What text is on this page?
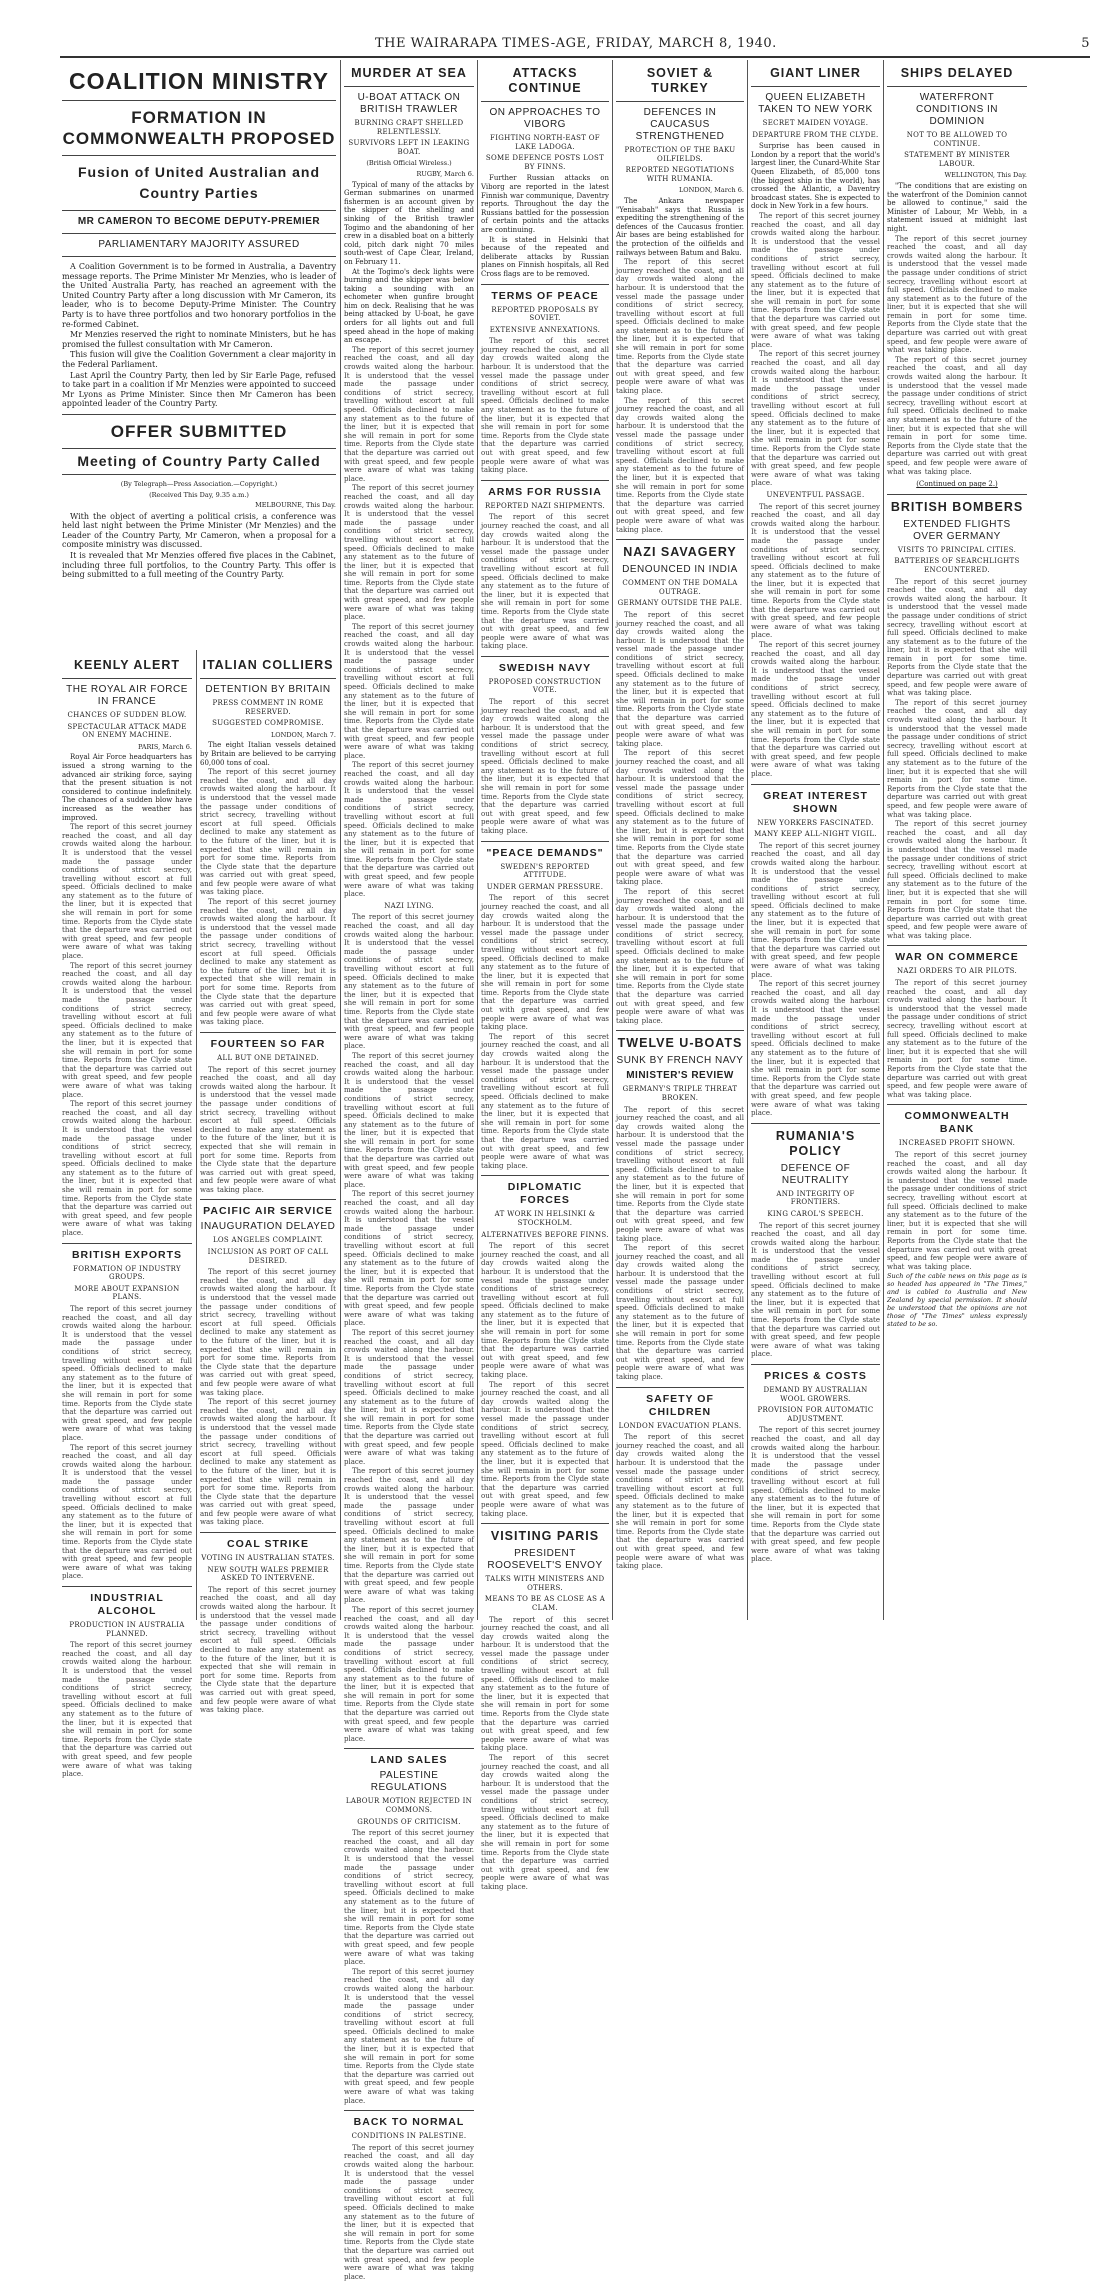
THE WAIRARAPA TIMES-AGE, FRIDAY, MARCH 8, 1940.	5
COALITION MINISTRY
FORMATION IN COMMONWEALTH PROPOSED
Fusion of United Australian and Country Parties
MR CAMERON TO BECOME DEPUTY-PREMIER
PARLIAMENTARY MAJORITY ASSURED

A Coalition Government is to be formed in Australia, a Daventry message reports. The Prime Minister Mr Menzies, who is leader of the United Australia Party, has reached an agreement with the United Country Party after a long discussion with Mr Cameron, its leader, who is to become Deputy-Prime Minister. The Country Party is to have three portfolios and two honorary portfolios in the re-formed Cabinet.

Mr Menzies reserved the right to nominate Ministers, but he has promised the fullest consultation with Mr Cameron.

This fusion will give the Coalition Government a clear majority in the Federal Parliament.

Last April the Country Party, then led by Sir Earle Page, refused to take part in a coalition if Mr Menzies were appointed to succeed Mr Lyons as Prime Minister. Since then Mr Cameron has been appointed leader of the Country Party.

OFFER SUBMITTED
Meeting of Country Party Called
(By Telegraph—Press Association.—Copyright.)
(Received This Day, 9.35 a.m.)
MELBOURNE, This Day.

With the object of averting a political crisis, a conference was held last night between the Prime Minister (Mr Menzies) and the Leader of the Country Party, Mr Cameron, when a proposal for a composite ministry was discussed.

It is revealed that Mr Menzies offered five places in the Cabinet, including three full portfolios, to the Country Party. This offer is being submitted to a full meeting of the Country Party.

KEENLY ALERT
THE ROYAL AIR FORCE IN FRANCE
CHANCES OF SUDDEN BLOW.
SPECTACULAR ATTACK MADE ON ENEMY MACHINE.
PARIS, March 6.

Royal Air Force headquarters has issued a strong warning to the advanced air striking force, saying that the present situation is not considered to continue indefinitely. The chances of a sudden blow have increased as the weather has improved.

The report of this secret journey reached the coast, and all day crowds waited along the harbour. It is understood that the vessel made the passage under conditions of strict secrecy, travelling without escort at full speed. Officials declined to make any statement as to the future of the liner, but it is expected that she will remain in port for some time. Reports from the Clyde state that the departure was carried out with great speed, and few people were aware of what was taking place.

The report of this secret journey reached the coast, and all day crowds waited along the harbour. It is understood that the vessel made the passage under conditions of strict secrecy, travelling without escort at full speed. Officials declined to make any statement as to the future of the liner, but it is expected that she will remain in port for some time. Reports from the Clyde state that the departure was carried out with great speed, and few people were aware of what was taking place.

The report of this secret journey reached the coast, and all day crowds waited along the harbour. It is understood that the vessel made the passage under conditions of strict secrecy, travelling without escort at full speed. Officials declined to make any statement as to the future of the liner, but it is expected that she will remain in port for some time. Reports from the Clyde state that the departure was carried out with great speed, and few people were aware of what was taking place.

BRITISH EXPORTS
FORMATION OF INDUSTRY GROUPS.
MORE ABOUT EXPANSION PLANS.

The report of this secret journey reached the coast, and all day crowds waited along the harbour. It is understood that the vessel made the passage under conditions of strict secrecy, travelling without escort at full speed. Officials declined to make any statement as to the future of the liner, but it is expected that she will remain in port for some time. Reports from the Clyde state that the departure was carried out with great speed, and few people were aware of what was taking place.

The report of this secret journey reached the coast, and all day crowds waited along the harbour. It is understood that the vessel made the passage under conditions of strict secrecy, travelling without escort at full speed. Officials declined to make any statement as to the future of the liner, but it is expected that she will remain in port for some time. Reports from the Clyde state that the departure was carried out with great speed, and few people were aware of what was taking place.

INDUSTRIAL ALCOHOL
PRODUCTION IN AUSTRALIA PLANNED.

The report of this secret journey reached the coast, and all day crowds waited along the harbour. It is understood that the vessel made the passage under conditions of strict secrecy, travelling without escort at full speed. Officials declined to make any statement as to the future of the liner, but it is expected that she will remain in port for some time. Reports from the Clyde state that the departure was carried out with great speed, and few people were aware of what was taking place.

ITALIAN COLLIERS
DETENTION BY BRITAIN
PRESS COMMENT IN ROME RESERVED.
SUGGESTED COMPROMISE.
LONDON, March 7.

The eight Italian vessels detained by Britain are believed to be carrying 60,000 tons of coal.

The report of this secret journey reached the coast, and all day crowds waited along the harbour. It is understood that the vessel made the passage under conditions of strict secrecy, travelling without escort at full speed. Officials declined to make any statement as to the future of the liner, but it is expected that she will remain in port for some time. Reports from the Clyde state that the departure was carried out with great speed, and few people were aware of what was taking place.

The report of this secret journey reached the coast, and all day crowds waited along the harbour. It is understood that the vessel made the passage under conditions of strict secrecy, travelling without escort at full speed. Officials declined to make any statement as to the future of the liner, but it is expected that she will remain in port for some time. Reports from the Clyde state that the departure was carried out with great speed, and few people were aware of what was taking place.

FOURTEEN SO FAR
ALL BUT ONE DETAINED.

The report of this secret journey reached the coast, and all day crowds waited along the harbour. It is understood that the vessel made the passage under conditions of strict secrecy, travelling without escort at full speed. Officials declined to make any statement as to the future of the liner, but it is expected that she will remain in port for some time. Reports from the Clyde state that the departure was carried out with great speed, and few people were aware of what was taking place.

PACIFIC AIR SERVICE
INAUGURATION DELAYED
LOS ANGELES COMPLAINT.
INCLUSION AS PORT OF CALL DESIRED.

The report of this secret journey reached the coast, and all day crowds waited along the harbour. It is understood that the vessel made the passage under conditions of strict secrecy, travelling without escort at full speed. Officials declined to make any statement as to the future of the liner, but it is expected that she will remain in port for some time. Reports from the Clyde state that the departure was carried out with great speed, and few people were aware of what was taking place.

The report of this secret journey reached the coast, and all day crowds waited along the harbour. It is understood that the vessel made the passage under conditions of strict secrecy, travelling without escort at full speed. Officials declined to make any statement as to the future of the liner, but it is expected that she will remain in port for some time. Reports from the Clyde state that the departure was carried out with great speed, and few people were aware of what was taking place.

COAL STRIKE
VOTING IN AUSTRALIAN STATES.
NEW SOUTH WALES PREMIER ASKED TO INTERVENE.

The report of this secret journey reached the coast, and all day crowds waited along the harbour. It is understood that the vessel made the passage under conditions of strict secrecy, travelling without escort at full speed. Officials declined to make any statement as to the future of the liner, but it is expected that she will remain in port for some time. Reports from the Clyde state that the departure was carried out with great speed, and few people were aware of what was taking place.

MURDER AT SEA
U-BOAT ATTACK ON BRITISH TRAWLER
BURNING CRAFT SHELLED RELENTLESSLY.
SURVIVORS LEFT IN LEAKING BOAT.
(British Official Wireless.)
RUGBY, March 6.

Typical of many of the attacks by German submarines on unarmed fishermen is an account given by the skipper of the shelling and sinking of the British trawler Togimo and the abandoning of her crew in a disabled boat on a bitterly cold, pitch dark night 70 miles south-west of Cape Clear, Ireland, on February 11.

At the Togimo's deck lights were burning and the skipper was below taking a sounding with an echometer when gunfire brought him on deck. Realising that he was being attacked by U-boat, he gave orders for all lights out and full speed ahead in the hope of making an escape.

The report of this secret journey reached the coast, and all day crowds waited along the harbour. It is understood that the vessel made the passage under conditions of strict secrecy, travelling without escort at full speed. Officials declined to make any statement as to the future of the liner, but it is expected that she will remain in port for some time. Reports from the Clyde state that the departure was carried out with great speed, and few people were aware of what was taking place.

The report of this secret journey reached the coast, and all day crowds waited along the harbour. It is understood that the vessel made the passage under conditions of strict secrecy, travelling without escort at full speed. Officials declined to make any statement as to the future of the liner, but it is expected that she will remain in port for some time. Reports from the Clyde state that the departure was carried out with great speed, and few people were aware of what was taking place.

The report of this secret journey reached the coast, and all day crowds waited along the harbour. It is understood that the vessel made the passage under conditions of strict secrecy, travelling without escort at full speed. Officials declined to make any statement as to the future of the liner, but it is expected that she will remain in port for some time. Reports from the Clyde state that the departure was carried out with great speed, and few people were aware of what was taking place.

The report of this secret journey reached the coast, and all day crowds waited along the harbour. It is understood that the vessel made the passage under conditions of strict secrecy, travelling without escort at full speed. Officials declined to make any statement as to the future of the liner, but it is expected that she will remain in port for some time. Reports from the Clyde state that the departure was carried out with great speed, and few people were aware of what was taking place.

NAZI LYING.

The report of this secret journey reached the coast, and all day crowds waited along the harbour. It is understood that the vessel made the passage under conditions of strict secrecy, travelling without escort at full speed. Officials declined to make any statement as to the future of the liner, but it is expected that she will remain in port for some time. Reports from the Clyde state that the departure was carried out with great speed, and few people were aware of what was taking place.

The report of this secret journey reached the coast, and all day crowds waited along the harbour. It is understood that the vessel made the passage under conditions of strict secrecy, travelling without escort at full speed. Officials declined to make any statement as to the future of the liner, but it is expected that she will remain in port for some time. Reports from the Clyde state that the departure was carried out with great speed, and few people were aware of what was taking place.

The report of this secret journey reached the coast, and all day crowds waited along the harbour. It is understood that the vessel made the passage under conditions of strict secrecy, travelling without escort at full speed. Officials declined to make any statement as to the future of the liner, but it is expected that she will remain in port for some time. Reports from the Clyde state that the departure was carried out with great speed, and few people were aware of what was taking place.

The report of this secret journey reached the coast, and all day crowds waited along the harbour. It is understood that the vessel made the passage under conditions of strict secrecy, travelling without escort at full speed. Officials declined to make any statement as to the future of the liner, but it is expected that she will remain in port for some time. Reports from the Clyde state that the departure was carried out with great speed, and few people were aware of what was taking place.

The report of this secret journey reached the coast, and all day crowds waited along the harbour. It is understood that the vessel made the passage under conditions of strict secrecy, travelling without escort at full speed. Officials declined to make any statement as to the future of the liner, but it is expected that she will remain in port for some time. Reports from the Clyde state that the departure was carried out with great speed, and few people were aware of what was taking place.

The report of this secret journey reached the coast, and all day crowds waited along the harbour. It is understood that the vessel made the passage under conditions of strict secrecy, travelling without escort at full speed. Officials declined to make any statement as to the future of the liner, but it is expected that she will remain in port for some time. Reports from the Clyde state that the departure was carried out with great speed, and few people were aware of what was taking place.

LAND SALES
PALESTINE REGULATIONS
LABOUR MOTION REJECTED IN COMMONS.
GROUNDS OF CRITICISM.

The report of this secret journey reached the coast, and all day crowds waited along the harbour. It is understood that the vessel made the passage under conditions of strict secrecy, travelling without escort at full speed. Officials declined to make any statement as to the future of the liner, but it is expected that she will remain in port for some time. Reports from the Clyde state that the departure was carried out with great speed, and few people were aware of what was taking place.

The report of this secret journey reached the coast, and all day crowds waited along the harbour. It is understood that the vessel made the passage under conditions of strict secrecy, travelling without escort at full speed. Officials declined to make any statement as to the future of the liner, but it is expected that she will remain in port for some time. Reports from the Clyde state that the departure was carried out with great speed, and few people were aware of what was taking place.

BACK TO NORMAL
CONDITIONS IN PALESTINE.

The report of this secret journey reached the coast, and all day crowds waited along the harbour. It is understood that the vessel made the passage under conditions of strict secrecy, travelling without escort at full speed. Officials declined to make any statement as to the future of the liner, but it is expected that she will remain in port for some time. Reports from the Clyde state that the departure was carried out with great speed, and few people were aware of what was taking place.

ATTACKS CONTINUE
ON APPROACHES TO VIBORG
FIGHTING NORTH-EAST OF LAKE LADOGA.
SOME DEFENCE POSTS LOST BY FINNS.

Further Russian attacks on Viborg are reported in the latest Finnish war communique, Daventry reports. Throughout the day the Russians battled for the possession of certain points and the attacks are continuing.

It is stated in Helsinki that because of the repeated and deliberate attacks by Russian planes on Finnish hospitals, all Red Cross flags are to be removed.

TERMS OF PEACE
REPORTED PROPOSALS BY SOVIET.
EXTENSIVE ANNEXATIONS.

The report of this secret journey reached the coast, and all day crowds waited along the harbour. It is understood that the vessel made the passage under conditions of strict secrecy, travelling without escort at full speed. Officials declined to make any statement as to the future of the liner, but it is expected that she will remain in port for some time. Reports from the Clyde state that the departure was carried out with great speed, and few people were aware of what was taking place.

ARMS FOR RUSSIA
REPORTED NAZI SHIPMENTS.

The report of this secret journey reached the coast, and all day crowds waited along the harbour. It is understood that the vessel made the passage under conditions of strict secrecy, travelling without escort at full speed. Officials declined to make any statement as to the future of the liner, but it is expected that she will remain in port for some time. Reports from the Clyde state that the departure was carried out with great speed, and few people were aware of what was taking place.

SWEDISH NAVY
PROPOSED CONSTRUCTION VOTE.

The report of this secret journey reached the coast, and all day crowds waited along the harbour. It is understood that the vessel made the passage under conditions of strict secrecy, travelling without escort at full speed. Officials declined to make any statement as to the future of the liner, but it is expected that she will remain in port for some time. Reports from the Clyde state that the departure was carried out with great speed, and few people were aware of what was taking place.

"PEACE DEMANDS"
SWEDEN'S REPORTED ATTITUDE.
UNDER GERMAN PRESSURE.

The report of this secret journey reached the coast, and all day crowds waited along the harbour. It is understood that the vessel made the passage under conditions of strict secrecy, travelling without escort at full speed. Officials declined to make any statement as to the future of the liner, but it is expected that she will remain in port for some time. Reports from the Clyde state that the departure was carried out with great speed, and few people were aware of what was taking place.

The report of this secret journey reached the coast, and all day crowds waited along the harbour. It is understood that the vessel made the passage under conditions of strict secrecy, travelling without escort at full speed. Officials declined to make any statement as to the future of the liner, but it is expected that she will remain in port for some time. Reports from the Clyde state that the departure was carried out with great speed, and few people were aware of what was taking place.

DIPLOMATIC FORCES
AT WORK IN HELSINKI & STOCKHOLM.
ALTERNATIVES BEFORE FINNS.

The report of this secret journey reached the coast, and all day crowds waited along the harbour. It is understood that the vessel made the passage under conditions of strict secrecy, travelling without escort at full speed. Officials declined to make any statement as to the future of the liner, but it is expected that she will remain in port for some time. Reports from the Clyde state that the departure was carried out with great speed, and few people were aware of what was taking place.

The report of this secret journey reached the coast, and all day crowds waited along the harbour. It is understood that the vessel made the passage under conditions of strict secrecy, travelling without escort at full speed. Officials declined to make any statement as to the future of the liner, but it is expected that she will remain in port for some time. Reports from the Clyde state that the departure was carried out with great speed, and few people were aware of what was taking place.

VISITING PARIS
PRESIDENT ROOSEVELT'S ENVOY
TALKS WITH MINISTERS AND OTHERS.
MEANS TO BE AS CLOSE AS A CLAM.

The report of this secret journey reached the coast, and all day crowds waited along the harbour. It is understood that the vessel made the passage under conditions of strict secrecy, travelling without escort at full speed. Officials declined to make any statement as to the future of the liner, but it is expected that she will remain in port for some time. Reports from the Clyde state that the departure was carried out with great speed, and few people were aware of what was taking place.

The report of this secret journey reached the coast, and all day crowds waited along the harbour. It is understood that the vessel made the passage under conditions of strict secrecy, travelling without escort at full speed. Officials declined to make any statement as to the future of the liner, but it is expected that she will remain in port for some time. Reports from the Clyde state that the departure was carried out with great speed, and few people were aware of what was taking place.

SOVIET & TURKEY
DEFENCES IN CAUCASUS STRENGTHENED
PROTECTION OF THE BAKU OILFIELDS.
REPORTED NEGOTIATIONS WITH RUMANIA.
LONDON, March 6.

The Ankara newspaper "Yenisabah" says that Russia is expediting the strengthening of the defences of the Caucasus frontier. Air bases are being established for the protection of the oilfields and railways between Batum and Baku.

The report of this secret journey reached the coast, and all day crowds waited along the harbour. It is understood that the vessel made the passage under conditions of strict secrecy, travelling without escort at full speed. Officials declined to make any statement as to the future of the liner, but it is expected that she will remain in port for some time. Reports from the Clyde state that the departure was carried out with great speed, and few people were aware of what was taking place.

The report of this secret journey reached the coast, and all day crowds waited along the harbour. It is understood that the vessel made the passage under conditions of strict secrecy, travelling without escort at full speed. Officials declined to make any statement as to the future of the liner, but it is expected that she will remain in port for some time. Reports from the Clyde state that the departure was carried out with great speed, and few people were aware of what was taking place.

NAZI SAVAGERY
DENOUNCED IN INDIA
COMMENT ON THE DOMALA OUTRAGE.
GERMANY OUTSIDE THE PALE.

The report of this secret journey reached the coast, and all day crowds waited along the harbour. It is understood that the vessel made the passage under conditions of strict secrecy, travelling without escort at full speed. Officials declined to make any statement as to the future of the liner, but it is expected that she will remain in port for some time. Reports from the Clyde state that the departure was carried out with great speed, and few people were aware of what was taking place.

The report of this secret journey reached the coast, and all day crowds waited along the harbour. It is understood that the vessel made the passage under conditions of strict secrecy, travelling without escort at full speed. Officials declined to make any statement as to the future of the liner, but it is expected that she will remain in port for some time. Reports from the Clyde state that the departure was carried out with great speed, and few people were aware of what was taking place.

The report of this secret journey reached the coast, and all day crowds waited along the harbour. It is understood that the vessel made the passage under conditions of strict secrecy, travelling without escort at full speed. Officials declined to make any statement as to the future of the liner, but it is expected that she will remain in port for some time. Reports from the Clyde state that the departure was carried out with great speed, and few people were aware of what was taking place.

TWELVE U-BOATS
SUNK BY FRENCH NAVY
MINISTER'S REVIEW
GERMANY'S TRIPLE THREAT BROKEN.

The report of this secret journey reached the coast, and all day crowds waited along the harbour. It is understood that the vessel made the passage under conditions of strict secrecy, travelling without escort at full speed. Officials declined to make any statement as to the future of the liner, but it is expected that she will remain in port for some time. Reports from the Clyde state that the departure was carried out with great speed, and few people were aware of what was taking place.

The report of this secret journey reached the coast, and all day crowds waited along the harbour. It is understood that the vessel made the passage under conditions of strict secrecy, travelling without escort at full speed. Officials declined to make any statement as to the future of the liner, but it is expected that she will remain in port for some time. Reports from the Clyde state that the departure was carried out with great speed, and few people were aware of what was taking place.

SAFETY OF CHILDREN
LONDON EVACUATION PLANS.

The report of this secret journey reached the coast, and all day crowds waited along the harbour. It is understood that the vessel made the passage under conditions of strict secrecy, travelling without escort at full speed. Officials declined to make any statement as to the future of the liner, but it is expected that she will remain in port for some time. Reports from the Clyde state that the departure was carried out with great speed, and few people were aware of what was taking place.

GIANT LINER
QUEEN ELIZABETH TAKEN TO NEW YORK
SECRET MAIDEN VOYAGE.
DEPARTURE FROM THE CLYDE.

Surprise has been caused in London by a report that the world's largest liner, the Cunard-White Star Queen Elizabeth, of 85,000 tons (the biggest ship in the world), has crossed the Atlantic, a Daventry broadcast states. She is expected to dock in New York in a few hours.

The report of this secret journey reached the coast, and all day crowds waited along the harbour. It is understood that the vessel made the passage under conditions of strict secrecy, travelling without escort at full speed. Officials declined to make any statement as to the future of the liner, but it is expected that she will remain in port for some time. Reports from the Clyde state that the departure was carried out with great speed, and few people were aware of what was taking place.

The report of this secret journey reached the coast, and all day crowds waited along the harbour. It is understood that the vessel made the passage under conditions of strict secrecy, travelling without escort at full speed. Officials declined to make any statement as to the future of the liner, but it is expected that she will remain in port for some time. Reports from the Clyde state that the departure was carried out with great speed, and few people were aware of what was taking place.

UNEVENTFUL PASSAGE.

The report of this secret journey reached the coast, and all day crowds waited along the harbour. It is understood that the vessel made the passage under conditions of strict secrecy, travelling without escort at full speed. Officials declined to make any statement as to the future of the liner, but it is expected that she will remain in port for some time. Reports from the Clyde state that the departure was carried out with great speed, and few people were aware of what was taking place.

The report of this secret journey reached the coast, and all day crowds waited along the harbour. It is understood that the vessel made the passage under conditions of strict secrecy, travelling without escort at full speed. Officials declined to make any statement as to the future of the liner, but it is expected that she will remain in port for some time. Reports from the Clyde state that the departure was carried out with great speed, and few people were aware of what was taking place.

GREAT INTEREST SHOWN
NEW YORKERS FASCINATED.
MANY KEEP ALL-NIGHT VIGIL.

The report of this secret journey reached the coast, and all day crowds waited along the harbour. It is understood that the vessel made the passage under conditions of strict secrecy, travelling without escort at full speed. Officials declined to make any statement as to the future of the liner, but it is expected that she will remain in port for some time. Reports from the Clyde state that the departure was carried out with great speed, and few people were aware of what was taking place.

The report of this secret journey reached the coast, and all day crowds waited along the harbour. It is understood that the vessel made the passage under conditions of strict secrecy, travelling without escort at full speed. Officials declined to make any statement as to the future of the liner, but it is expected that she will remain in port for some time. Reports from the Clyde state that the departure was carried out with great speed, and few people were aware of what was taking place.

RUMANIA'S POLICY
DEFENCE OF NEUTRALITY
AND INTEGRITY OF FRONTIERS.
KING CAROL'S SPEECH.

The report of this secret journey reached the coast, and all day crowds waited along the harbour. It is understood that the vessel made the passage under conditions of strict secrecy, travelling without escort at full speed. Officials declined to make any statement as to the future of the liner, but it is expected that she will remain in port for some time. Reports from the Clyde state that the departure was carried out with great speed, and few people were aware of what was taking place.

PRICES & COSTS
DEMAND BY AUSTRALIAN WOOL GROWERS.
PROVISION FOR AUTOMATIC ADJUSTMENT.

The report of this secret journey reached the coast, and all day crowds waited along the harbour. It is understood that the vessel made the passage under conditions of strict secrecy, travelling without escort at full speed. Officials declined to make any statement as to the future of the liner, but it is expected that she will remain in port for some time. Reports from the Clyde state that the departure was carried out with great speed, and few people were aware of what was taking place.

SHIPS DELAYED
WATERFRONT CONDITIONS IN DOMINION
NOT TO BE ALLOWED TO CONTINUE.
STATEMENT BY MINISTER LABOUR.
WELLINGTON, This Day.

"The conditions that are existing on the waterfront of the Dominion cannot be allowed to continue," said the Minister of Labour, Mr Webb, in a statement issued at midnight last night.

The report of this secret journey reached the coast, and all day crowds waited along the harbour. It is understood that the vessel made the passage under conditions of strict secrecy, travelling without escort at full speed. Officials declined to make any statement as to the future of the liner, but it is expected that she will remain in port for some time. Reports from the Clyde state that the departure was carried out with great speed, and few people were aware of what was taking place.

The report of this secret journey reached the coast, and all day crowds waited along the harbour. It is understood that the vessel made the passage under conditions of strict secrecy, travelling without escort at full speed. Officials declined to make any statement as to the future of the liner, but it is expected that she will remain in port for some time. Reports from the Clyde state that the departure was carried out with great speed, and few people were aware of what was taking place.

(Continued on page 2.)
BRITISH BOMBERS
EXTENDED FLIGHTS OVER GERMANY
VISITS TO PRINCIPAL CITIES.
BATTERIES OF SEARCHLIGHTS ENCOUNTERED.

The report of this secret journey reached the coast, and all day crowds waited along the harbour. It is understood that the vessel made the passage under conditions of strict secrecy, travelling without escort at full speed. Officials declined to make any statement as to the future of the liner, but it is expected that she will remain in port for some time. Reports from the Clyde state that the departure was carried out with great speed, and few people were aware of what was taking place.

The report of this secret journey reached the coast, and all day crowds waited along the harbour. It is understood that the vessel made the passage under conditions of strict secrecy, travelling without escort at full speed. Officials declined to make any statement as to the future of the liner, but it is expected that she will remain in port for some time. Reports from the Clyde state that the departure was carried out with great speed, and few people were aware of what was taking place.

The report of this secret journey reached the coast, and all day crowds waited along the harbour. It is understood that the vessel made the passage under conditions of strict secrecy, travelling without escort at full speed. Officials declined to make any statement as to the future of the liner, but it is expected that she will remain in port for some time. Reports from the Clyde state that the departure was carried out with great speed, and few people were aware of what was taking place.

WAR ON COMMERCE
NAZI ORDERS TO AIR PILOTS.

The report of this secret journey reached the coast, and all day crowds waited along the harbour. It is understood that the vessel made the passage under conditions of strict secrecy, travelling without escort at full speed. Officials declined to make any statement as to the future of the liner, but it is expected that she will remain in port for some time. Reports from the Clyde state that the departure was carried out with great speed, and few people were aware of what was taking place.

COMMONWEALTH BANK
INCREASED PROFIT SHOWN.

The report of this secret journey reached the coast, and all day crowds waited along the harbour. It is understood that the vessel made the passage under conditions of strict secrecy, travelling without escort at full speed. Officials declined to make any statement as to the future of the liner, but it is expected that she will remain in port for some time. Reports from the Clyde state that the departure was carried out with great speed, and few people were aware of what was taking place.

Such of the cable news on this page as is so headed has appeared in "The Times," and is cabled to Australia and New Zealand by special permission. It should be understood that the opinions are not those of "The Times" unless expressly stated to be so.
